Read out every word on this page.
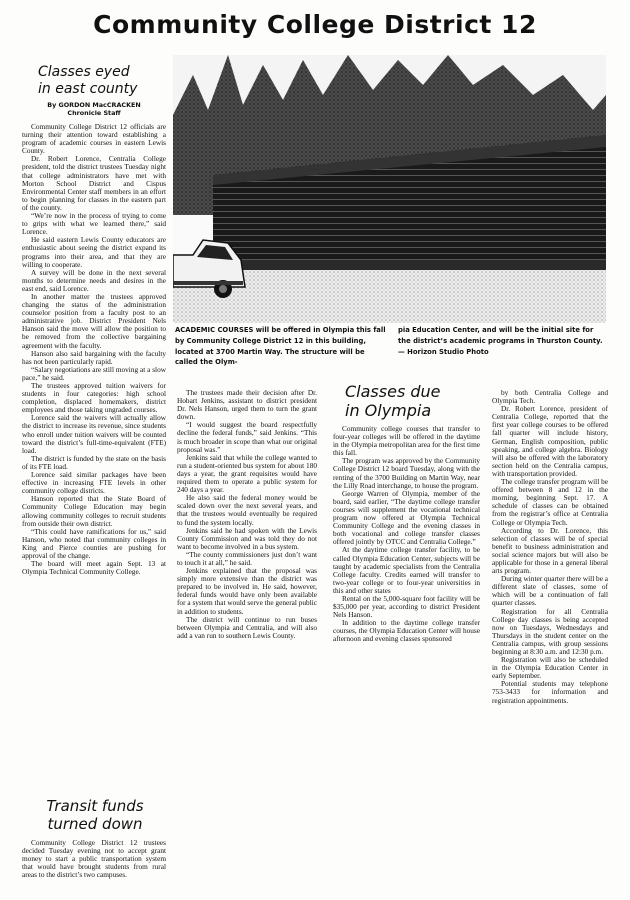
Community College District 12
Classes eyed
in east county
By GORDON MacCRACKEN
Chronicle Staff

Community College District 12 officials are turning their attention toward establishing a program of academic courses in eastern Lewis County.

Dr. Robert Lorence, Centralia College president, told the district trustees Tuesday night that college administrators have met with Morton School District and Cispus Environmental Center staff members in an effort to begin planning for classes in the eastern part of the county.

“We’re now in the process of trying to come to grips with what we learned there,” said Lorence.

He said eastern Lewis County educators are enthusiastic about seeing the district expand its programs into their area, and that they are willing to cooperate.

A survey will be done in the next several months to determine needs and desires in the east end, said Lorence.

In another matter the trustees approved changing the status of the administration counselor position from a faculty post to an administrative job. District President Nels Hanson said the move will allow the position to be removed from the collective bargaining agreement with the faculty.

Hanson also said bargaining with the faculty has not been particularly rapid.

“Salary negotiations are still moving at a slow pace,” he said.

The trustees approved tuition waivers for students in four categories: high school completion, displaced homemakers, district employees and those taking ungraded courses.

Lorence said the waivers will actually allow the district to increase its revenue, since students who enroll under tuition waivers will be counted toward the district’s full-time-equivalent (FTE) load.

The district is funded by the state on the basis of its FTE load.

Lorence said similar packages have been effective in increasing FTE levels in other community college districts.

Hanson reported that the State Board of Community College Education may begin allowing community colleges to recruit students from outside their own district.

“This could have ramifications for us,” said Hanson, who noted that community colleges in King and Pierce counties are pushing for approval of the change.

The board will meet again Sept. 13 at Olympia Technical Community College.

ACADEMIC COURSES will be offered in Olympia this fall by Community College District 12 in this building, located at 3700 Martin Way. The structure will be called the Olym-
pia Education Center, and will be the initial site for the district’s academic programs in Thurston County. — Horizon Studio Photo

The trustees made their decision after Dr. Hobart Jenkins, assistant to district president Dr. Nels Hanson, urged them to turn the grant down.

“I would suggest the board respectfully decline the federal funds,” said Jenkins. “This is much broader in scope than what our original proposal was.”

Jenkins said that while the college wanted to run a student-oriented bus system for about 180 days a year, the grant requisites would have required them to operate a public system for 240 days a year.

He also said the federal money would be scaled down over the next several years, and that the trustees would eventually be required to fund the system locally.

Jenkins said he had spoken with the Lewis County Commission and was told they do not want to become involved in a bus system.

“The county commissioners just don’t want to touch it at all,” he said.

Jenkins explained that the proposal was simply more extensive than the district was prepared to be involved in. He said, however, federal funds would have only been available for a system that would serve the general public in addition to students.

The district will continue to run buses between Olympia and Centralia, and will also add a van run to southern Lewis County.

Classes due
in Olympia

Community college courses that transfer to four-year colleges will be offered in the daytime in the Olympia metropolitan area for the first time this fall.

The program was approved by the Community College District 12 board Tuesday, along with the renting of the 3700 Building on Martin Way, near the Lilly Road interchange, to house the program.

George Warren of Olympia, member of the board, said earlier, “The daytime college transfer courses will supplement the vocational technical program now offered at Olympia Technical Community College and the evening classes in both vocational and college transfer classes offered jointly by OTCC and Centralia College.”

At the daytime college transfer facility, to be called Olympia Education Center, subjects will be taught by academic specialists from the Centralia College faculty. Credits earned will transfer to two-year college or to four-year universities in this and other states

Rental on the 5,000-square foot facility will be $35,000 per year, according to district President Nels Hanson.

In addition to the daytime college transfer courses, the Olympia Education Center will house afternoon and evening classes sponsored

by both Centralia College and Olympia Tech.

Dr. Robert Lorence, president of Centralia College, reported that the first year college courses to be offered fall quarter will include history, German, English composition, public speaking, and college algebra. Biology will also be offered with the laboratory section held on the Centralia campus, with transportation provided.

The college transfer program will be offered between 8 and 12 in the morning, beginning Sept. 17. A schedule of classes can be obtained from the registrar’s office at Centralia College or Olympia Tech.

According to Dr. Lorence, this selection of classes will be of special benefit to business administration and social science majors but will also be applicable for those in a general liberal arts program.

During winter quarter there will be a different slate of classes, some of which will be a continuation of fall quarter classes.

Registration for all Centralia College day classes is being accepted now on Tuesdays, Wednesdays and Thursdays in the student center on the Centralia campus, with group sessions beginning at 8:30 a.m. and 12:30 p.m.

Registration will also be scheduled in the Olympia Education Center in early September.

Potential students may telephone 753-3433 for information and registration appointments.

Transit funds
turned down

Community College District 12 trustees decided Tuesday evening not to accept grant money to start a public transportation system that would have brought students from rural areas to the district’s two campuses.
